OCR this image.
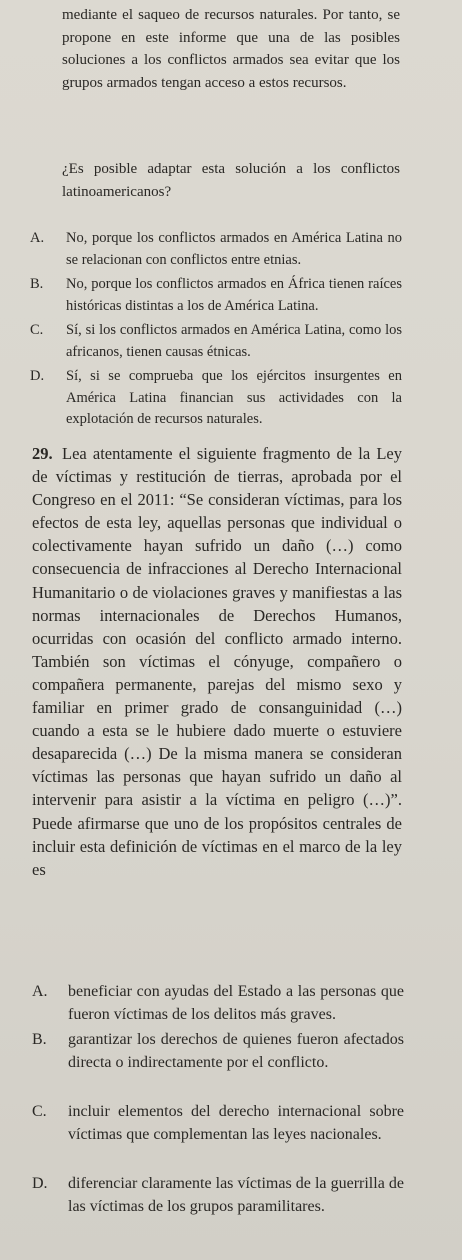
mediante el saqueo de recursos naturales. Por tanto, se propone en este informe que una de las posibles soluciones a los conflictos armados sea evitar que los grupos armados tengan acceso a estos recursos.

¿Es posible adaptar esta solución a los conflictos latinoamericanos?

A.	No, porque los conflictos armados en América Latina no se relacionan con conflictos entre etnias.
B.	No, porque los conflictos armados en África tienen raíces históricas distintas a los de América Latina.
C.	Sí, si los conflictos armados en América Latina, como los africanos, tienen causas étnicas.
D.	Sí, si se comprueba que los ejércitos insurgentes en América Latina financian sus actividades con la explotación de recursos naturales.
29. Lea atentamente el siguiente fragmento de la Ley de víctimas y restitución de tierras, aprobada por el Congreso en el 2011: “Se consideran víctimas, para los efectos de esta ley, aquellas personas que individual o colectivamente hayan sufrido un daño (…) como consecuencia de infracciones al Derecho Internacional Humanitario o de violaciones graves y manifiestas a las normas internacionales de Derechos Humanos, ocurridas con ocasión del conflicto armado interno. También son víctimas el cónyuge, compañero o compañera permanente, parejas del mismo sexo y familiar en primer grado de consanguinidad (…) cuando a esta se le hubiere dado muerte o estuviere desaparecida (…) De la misma manera se consideran víctimas las personas que hayan sufrido un daño al intervenir para asistir a la víctima en peligro (…)”. Puede afirmarse que uno de los propósitos centrales de incluir esta definición de víctimas en el marco de la ley es
A.	beneficiar con ayudas del Estado a las personas que fueron víctimas de los delitos más graves.
B.	garantizar los derechos de quienes fueron afectados directa o indirectamente por el conflicto.
C.	incluir elementos del derecho internacional sobre víctimas que complementan las leyes nacionales.
D.	diferenciar claramente las víctimas de la guerrilla de las víctimas de los grupos paramilitares.
